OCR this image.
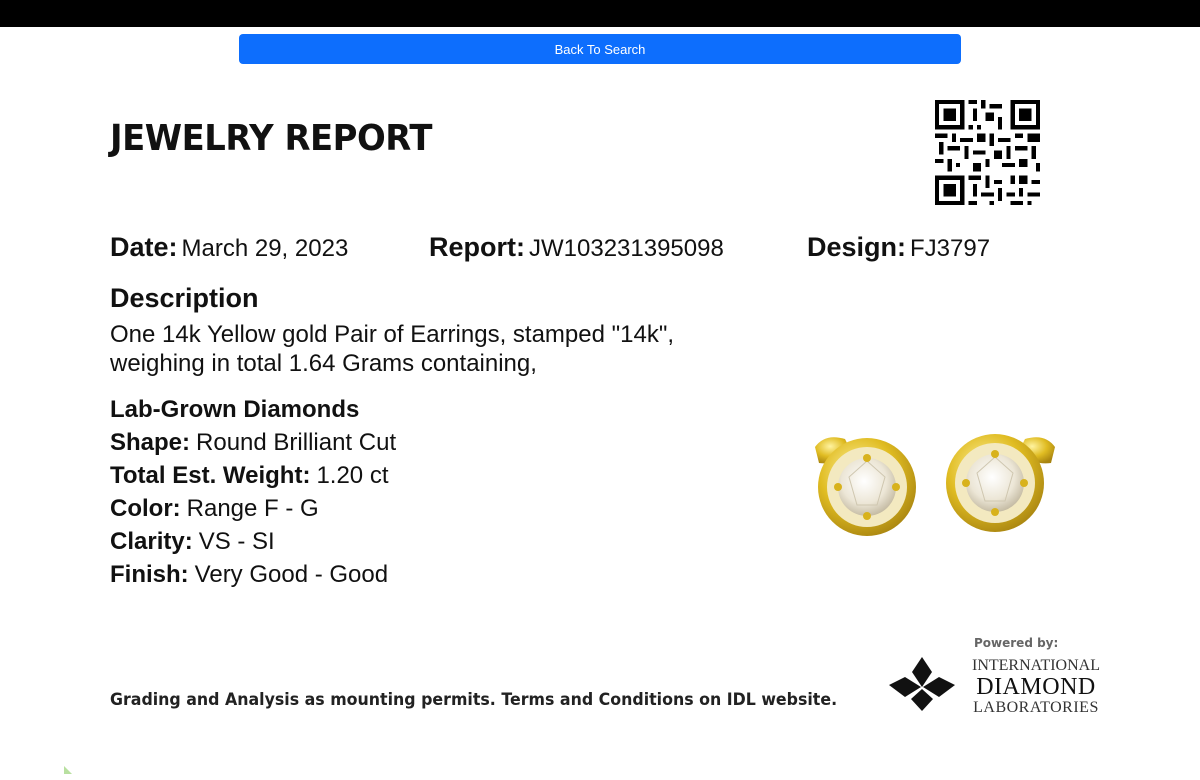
Back To Search
JEWELRY REPORT
Date: March 29, 2023	Report: JW103231395098	Design: FJ3797
Description
One 14k Yellow gold Pair of Earrings, stamped "14k",
weighing in total 1.64 Grams containing,
Lab-Grown Diamonds
Shape: Round Brilliant Cut
Total Est. Weight: 1.20 ct
Color: Range F - G
Clarity: VS - SI
Finish: Very Good - Good
Grading and Analysis as mounting permits. Terms and Conditions on IDL website.
Powered by:
INTERNATIONAL
DIAMOND
LABORATORIES
